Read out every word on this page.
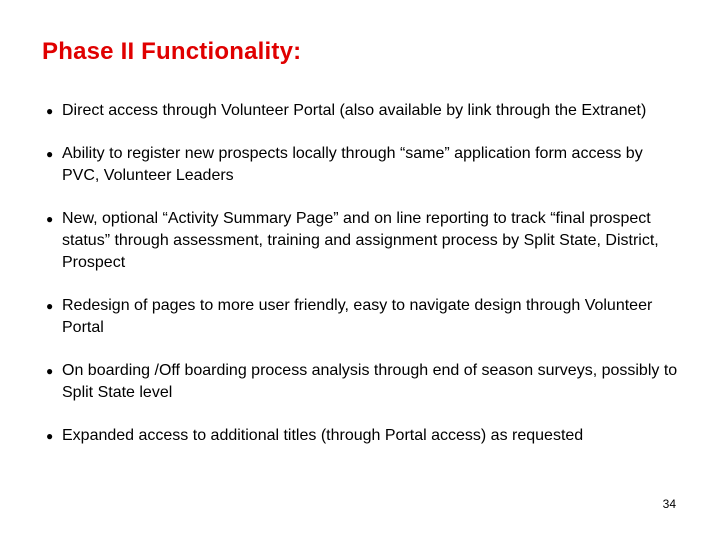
Phase II Functionality:
● Direct access through Volunteer Portal (also available by link through the Extranet)
● Ability to register new prospects locally through “same” application form access by PVC, Volunteer Leaders
● New, optional “Activity Summary Page” and on line reporting to track “final prospect status” through assessment, training and assignment process by Split State, District, Prospect
● Redesign of pages to more user friendly, easy to navigate design through Volunteer Portal
● On boarding /Off boarding process analysis through end of season surveys, possibly to Split State level
● Expanded access to additional titles (through Portal access) as requested
34
